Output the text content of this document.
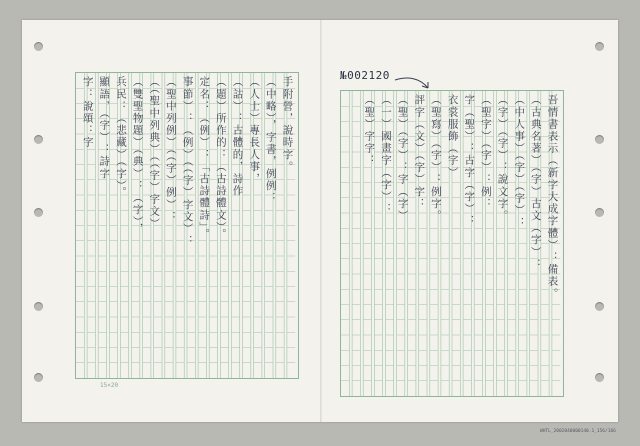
№002120
手附營，說時字。
（中略），字書，例例：
（人士）專長人事，
（詁）：古體的，詩作
（題）所作的：（古詩體文）。
定名：（例）：「古詩體詩」。
事節）：（例）（（字）字文）：
（聖中列例）（（字）例）：
（（聖中列典）（（字）字文）
（雙聖物題）（典）：（字），
兵民：（悲藏）（字）。
顯語，（字）：詩字
字：說頌：字	吾情書表示（新字大成字體）：備表。
（古典名著）（字）古文（字）：
（中人事）（字）（字）：
（字）（字）：說文字。
（聖字）（字）：例：
字（聖）：古字（字）：
衣裳服飾（字）
（聖寫）（字）：例字。
評字（文）（字）字：
（聖）（字）：字（字）
（一）國畫字（字）：
（聖）字字：
15×20
WHTL_2002040000140.1_156/166
